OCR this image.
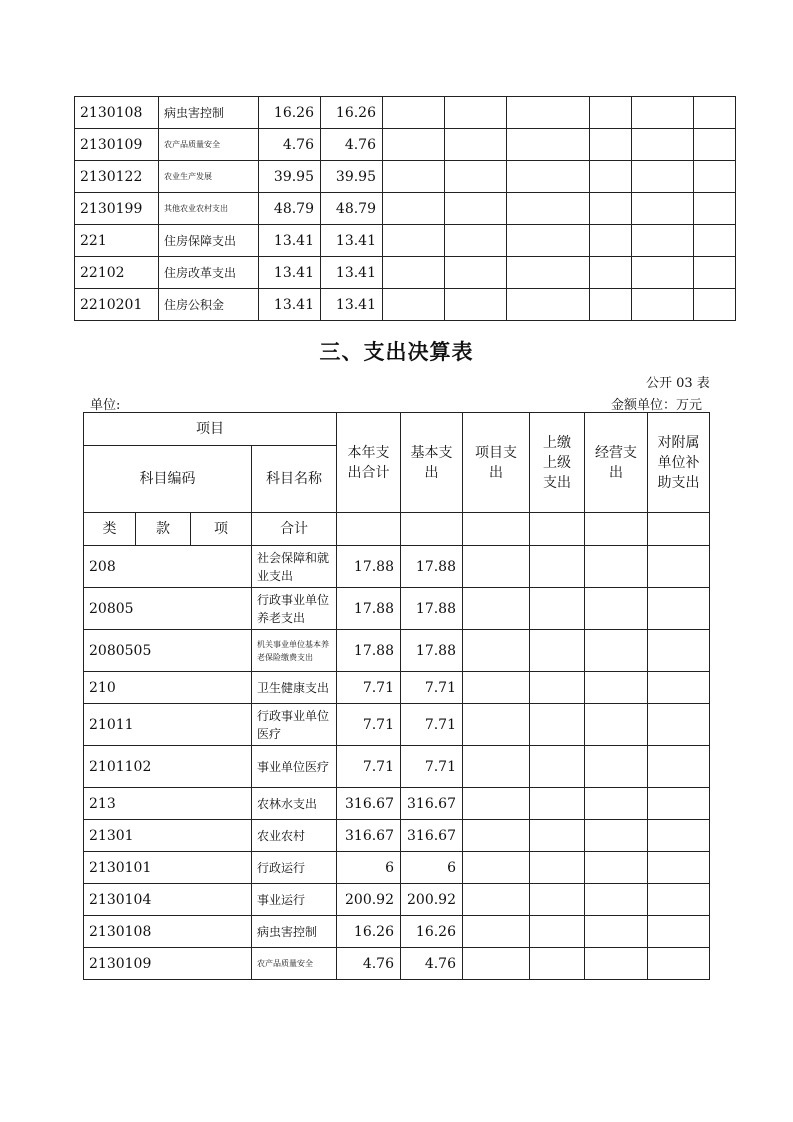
2130108	病虫害控制	16.26	16.26						
2130109	农产品质量安全	4.76	4.76						
2130122	农业生产发展	39.95	39.95						
2130199	其他农业农村支出	48.79	48.79						
221	住房保障支出	13.41	13.41						
22102	住房改革支出	13.41	13.41						
2210201	住房公积金	13.41	13.41						
三、支出决算表
公开 03 表
单位:	金额单位：万元
项目				本年支出合计	基本支出	项目支出	上缴上级支出	经营支出	对附属单位补助支出
科目编码			科目名称						
类	款	项	合计						
208			社会保障和就业支出	17.88	17.88				
20805			行政事业单位养老支出	17.88	17.88				
2080505			机关事业单位基本养老保险缴费支出	17.88	17.88				
210			卫生健康支出	7.71	7.71				
21011			行政事业单位医疗	7.71	7.71				
2101102			事业单位医疗	7.71	7.71				
213			农林水支出	316.67	316.67				
21301			农业农村	316.67	316.67				
2130101			行政运行	6	6				
2130104			事业运行	200.92	200.92				
2130108			病虫害控制	16.26	16.26				
2130109			农产品质量安全	4.76	4.76				
